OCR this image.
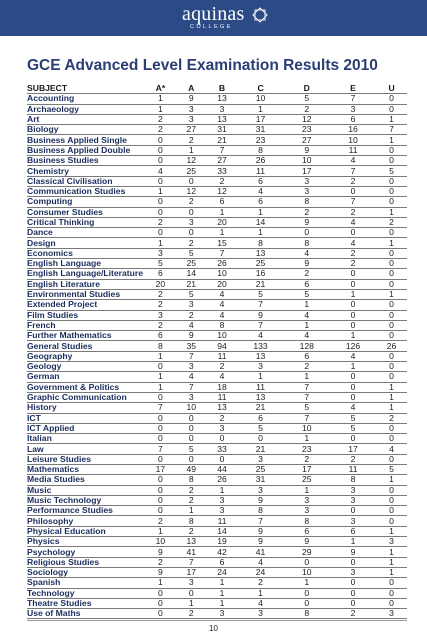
aquinas
COLLEGE
GCE Advanced Level Examination Results 2010
SUBJECT	A*	A	B	C	D	E	U
Accounting	1	9	13	10	5	7	0
Archaeology	1	3	3	1	2	3	0
Art	2	3	13	17	12	6	1
Biology	2	27	31	31	23	16	7
Business Applied Single	0	2	21	23	27	10	1
Business Applied Double	0	1	7	8	9	11	0
Business Studies	0	12	27	26	10	4	0
Chemistry	4	25	33	11	17	7	5
Classical Civilisation	0	0	2	6	3	2	0
Communication Studies	1	12	12	4	3	0	0
Computing	0	2	6	6	8	7	0
Consumer Studies	0	0	1	1	2	2	1
Critical Thinking	2	3	20	14	9	4	2
Dance	0	0	1	1	0	0	0
Design	1	2	15	8	8	4	1
Economics	3	5	7	13	4	2	0
English Language	5	25	26	25	9	2	0
English Language/Literature	6	14	10	16	2	0	0
English Literature	20	21	20	21	6	0	0
Environmental Studies	2	5	4	5	5	1	1
Extended Project	2	3	4	7	1	0	0
Film Studies	3	2	4	9	4	0	0
French	2	4	8	7	1	0	0
Further Mathematics	6	9	10	4	4	1	0
General Studies	8	35	94	133	128	126	26
Geography	1	7	11	13	6	4	0
Geology	0	3	2	3	2	1	0
German	1	4	4	1	1	0	0
Government & Politics	1	7	18	11	7	0	1
Graphic Communication	0	3	11	13	7	0	1
History	7	10	13	21	5	4	1
ICT	0	0	2	6	7	5	2
ICT Applied	0	0	3	5	10	5	0
Italian	0	0	0	0	1	0	0
Law	7	5	33	21	23	17	4
Leisure Studies	0	0	0	3	2	2	0
Mathematics	17	49	44	25	17	11	5
Media Studies	0	8	26	31	25	8	1
Music	0	2	1	3	1	3	0
Music Technology	0	2	3	9	3	3	0
Performance Studies	0	1	3	8	3	0	0
Philosophy	2	8	11	7	8	3	0
Physical Education	1	2	14	9	6	6	1
Physics	10	13	19	9	9	1	3
Psychology	9	41	42	41	29	9	1
Religious Studies	2	7	6	4	0	0	1
Sociology	9	17	24	24	10	3	1
Spanish	1	3	1	2	1	0	0
Technology	0	0	1	1	0	0	0
Theatre Studies	0	1	1	4	0	0	0
Use of Maths	0	2	3	3	8	2	3
10
